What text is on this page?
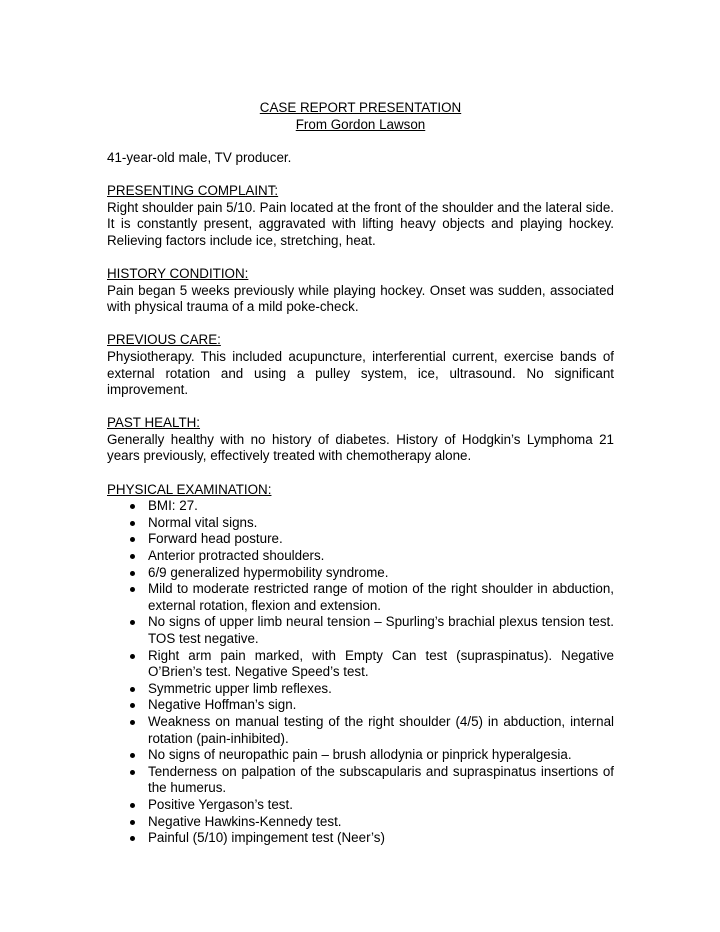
CASE REPORT PRESENTATION
From Gordon Lawson

41-year-old male, TV producer.

PRESENTING COMPLAINT:

Right shoulder pain 5/10. Pain located at the front of the shoulder and the lateral side. It is constantly present, aggravated with lifting heavy objects and playing hockey. Relieving factors include ice, stretching, heat.

HISTORY CONDITION:

Pain began 5 weeks previously while playing hockey. Onset was sudden, associated with physical trauma of a mild poke-check.

PREVIOUS CARE:

Physiotherapy. This included acupuncture, interferential current, exercise bands of external rotation and using a pulley system, ice, ultrasound. No significant improvement.

PAST HEALTH:

Generally healthy with no history of diabetes. History of Hodgkin’s Lymphoma 21 years previously, effectively treated with chemotherapy alone.

PHYSICAL EXAMINATION:
BMI: 27.
Normal vital signs.
Forward head posture.
Anterior protracted shoulders.
6/9 generalized hypermobility syndrome.
Mild to moderate restricted range of motion of the right shoulder in abduction, external rotation, flexion and extension.
No signs of upper limb neural tension – Spurling’s brachial plexus tension test. TOS test negative.
Right arm pain marked, with Empty Can test (supraspinatus). Negative O’Brien’s test. Negative Speed’s test.
Symmetric upper limb reflexes.
Negative Hoffman’s sign.
Weakness on manual testing of the right shoulder (4/5) in abduction, internal rotation (pain-inhibited).
No signs of neuropathic pain – brush allodynia or pinprick hyperalgesia.
Tenderness on palpation of the subscapularis and supraspinatus insertions of the humerus.
Positive Yergason’s test.
Negative Hawkins-Kennedy test.
Painful (5/10) impingement test (Neer’s)
